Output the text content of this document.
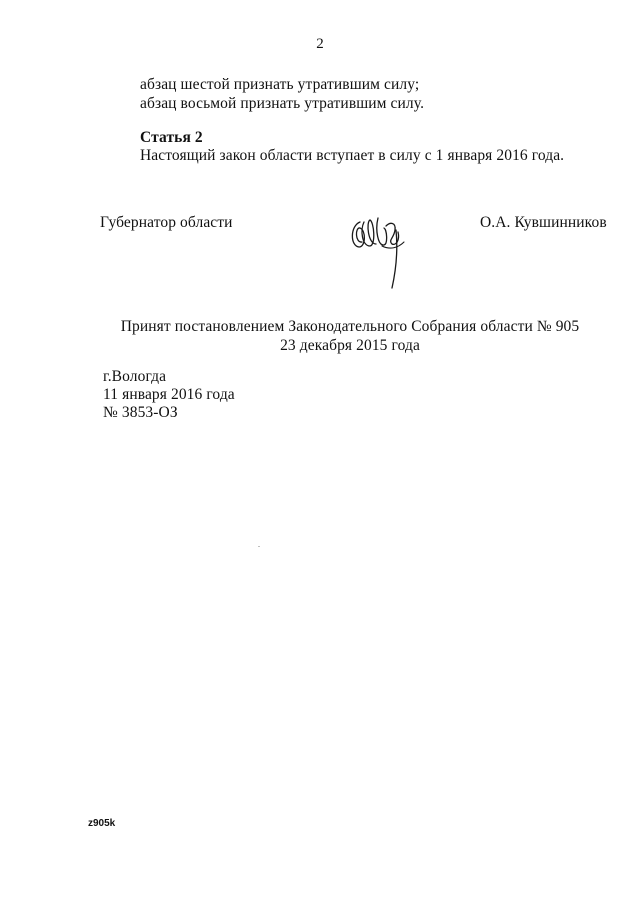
2
абзац шестой признать утратившим силу;
абзац восьмой признать утратившим силу.
Статья 2
Настоящий закон области вступает в силу с 1 января 2016 года.
Губернатор области	О.А. Кувшинников
Принят постановлением Законодательного Собрания области № 905
23 декабря 2015 года
г.Вологда
11 января 2016 года
№ 3853-ОЗ
z905k
